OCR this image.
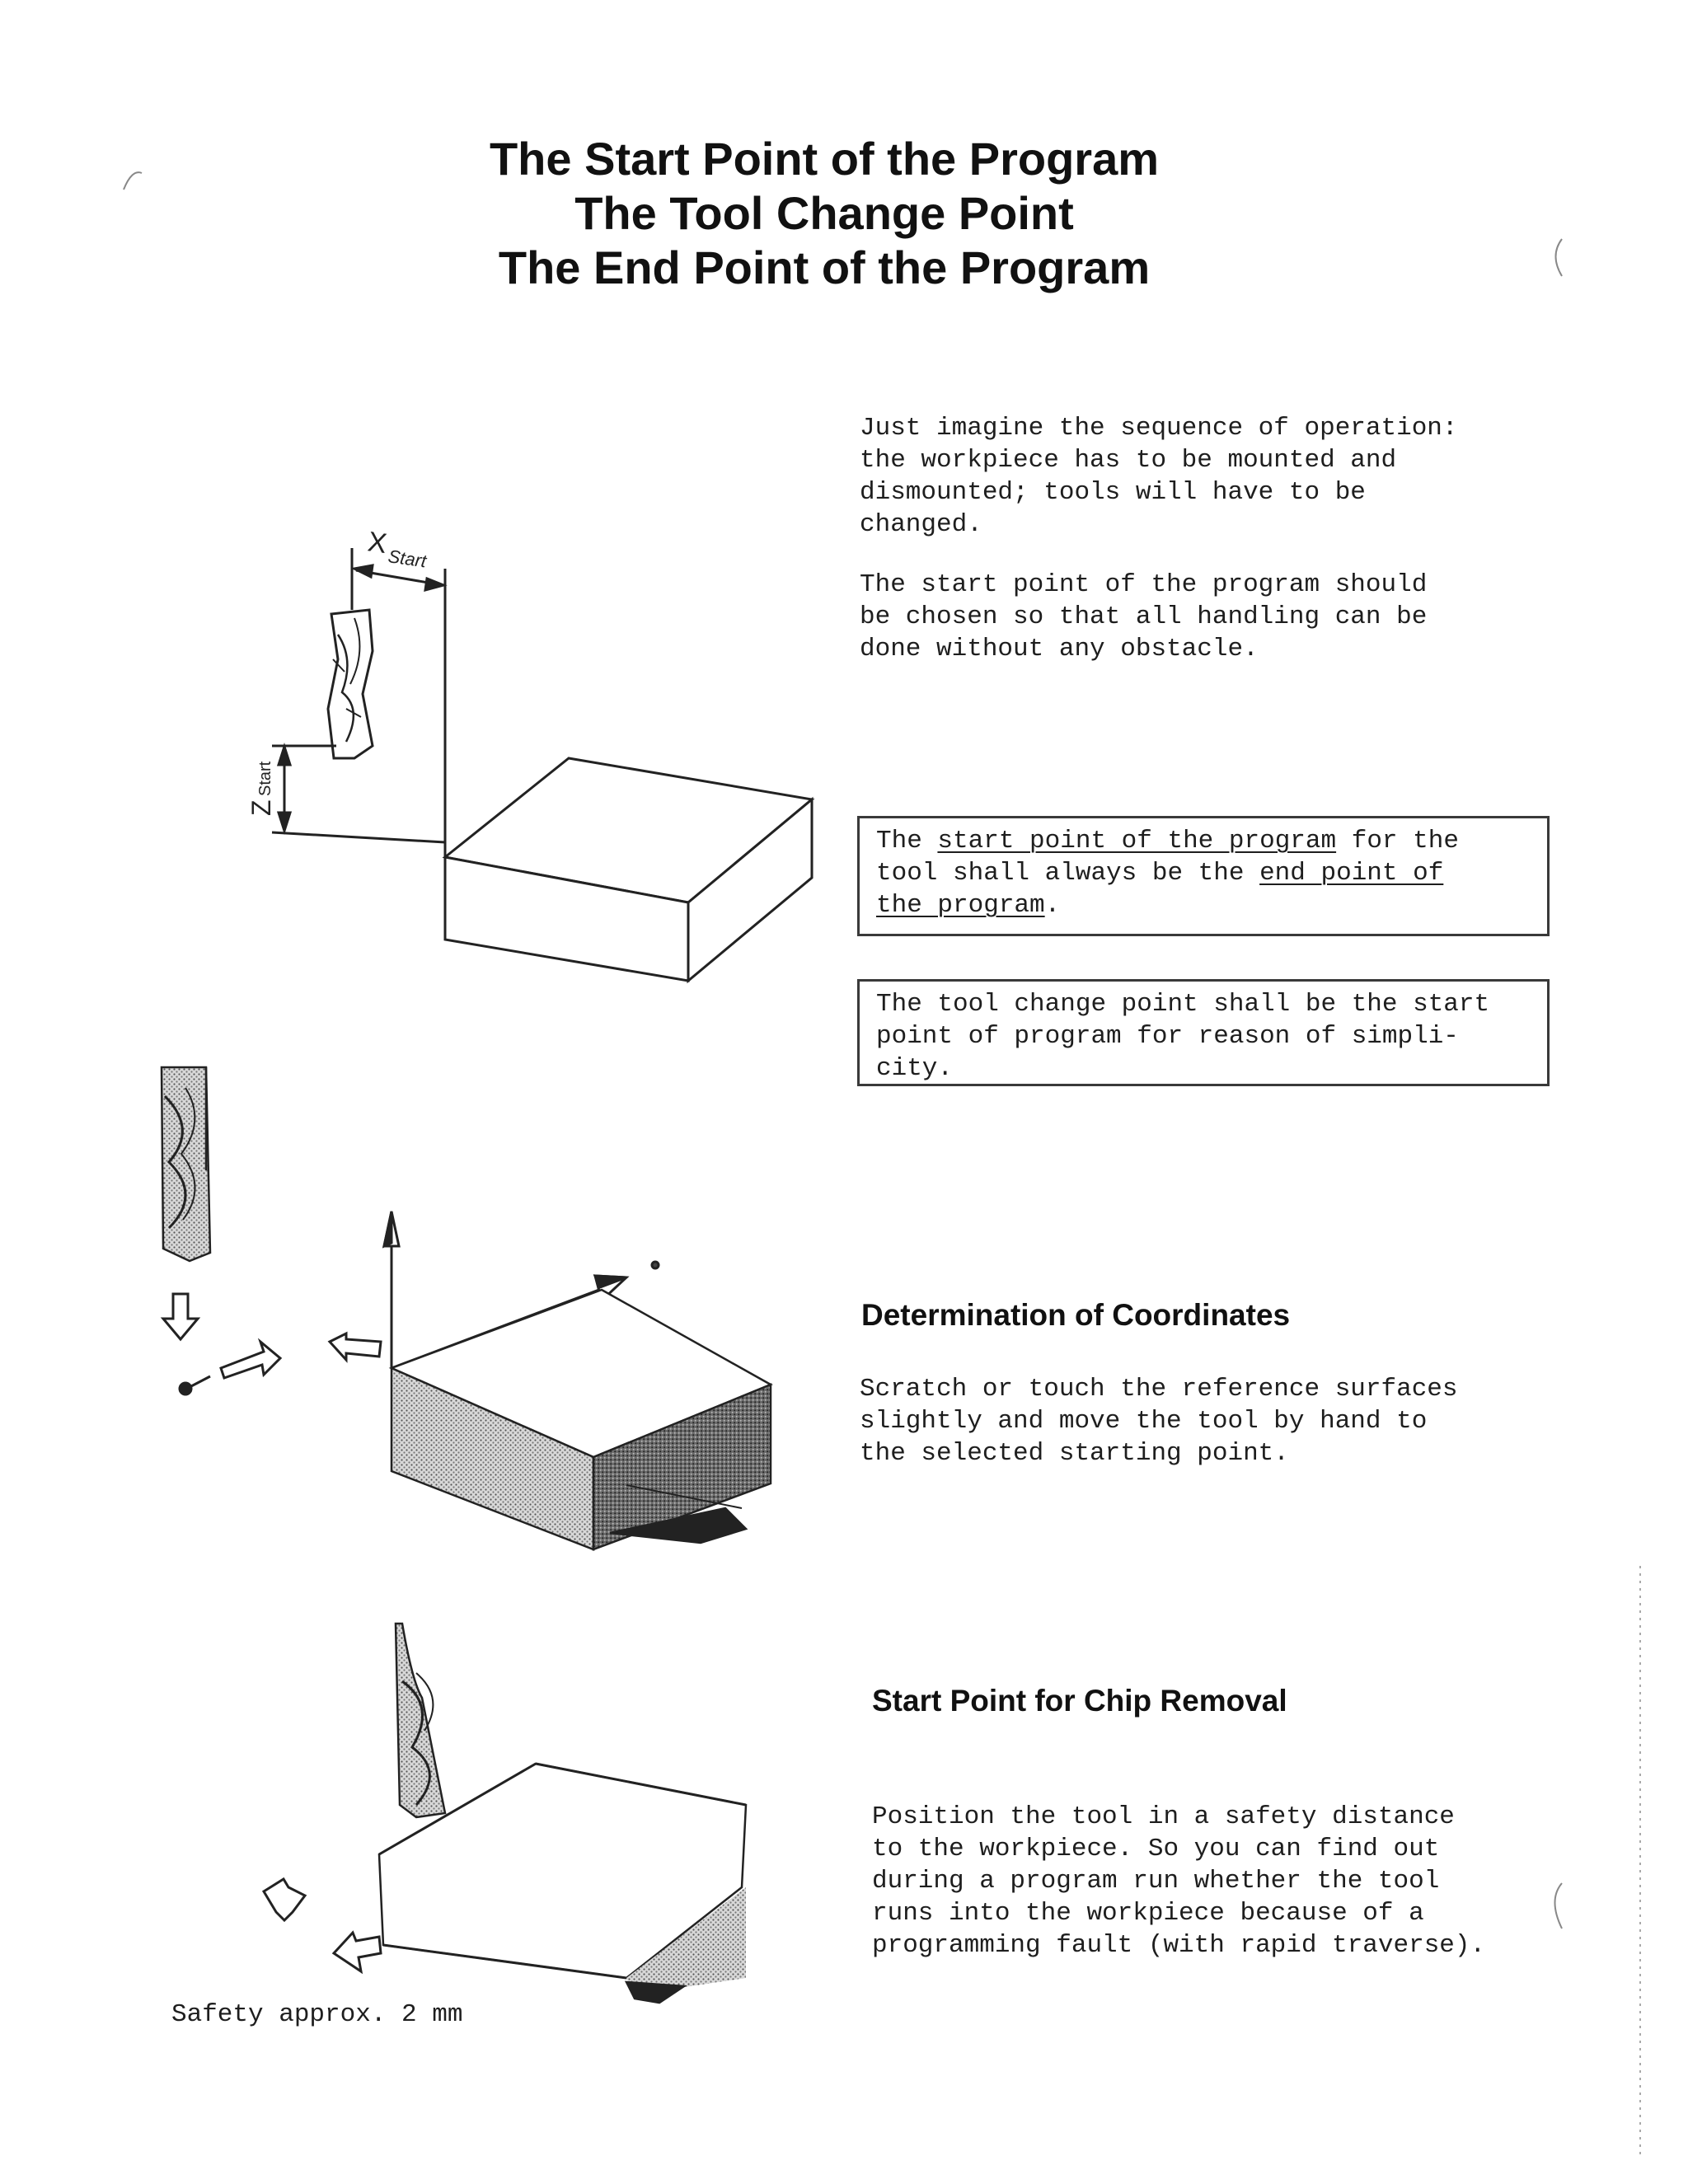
The Start Point of the Program
The Tool Change Point
The End Point of the Program
Just imagine the sequence of operation:
the workpiece has to be mounted and
dismounted; tools will have to be
changed.
The start point of the program should
be chosen so that all handling can be
done without any obstacle.
The start point of the program for the
tool shall always be the end point of
the program.
The tool change point shall be the start
point of program for reason of simpli-
city.
Determination of Coordinates
Scratch or touch the reference surfaces
slightly and move the tool by hand to
the selected starting point.
Start Point for Chip Removal
Position the tool in a safety distance
to the workpiece. So you can find out
during a program run whether the tool
runs into the workpiece because of a
programming fault (with rapid traverse).
Safety approx. 2 mm
X
Start
Z
Start
